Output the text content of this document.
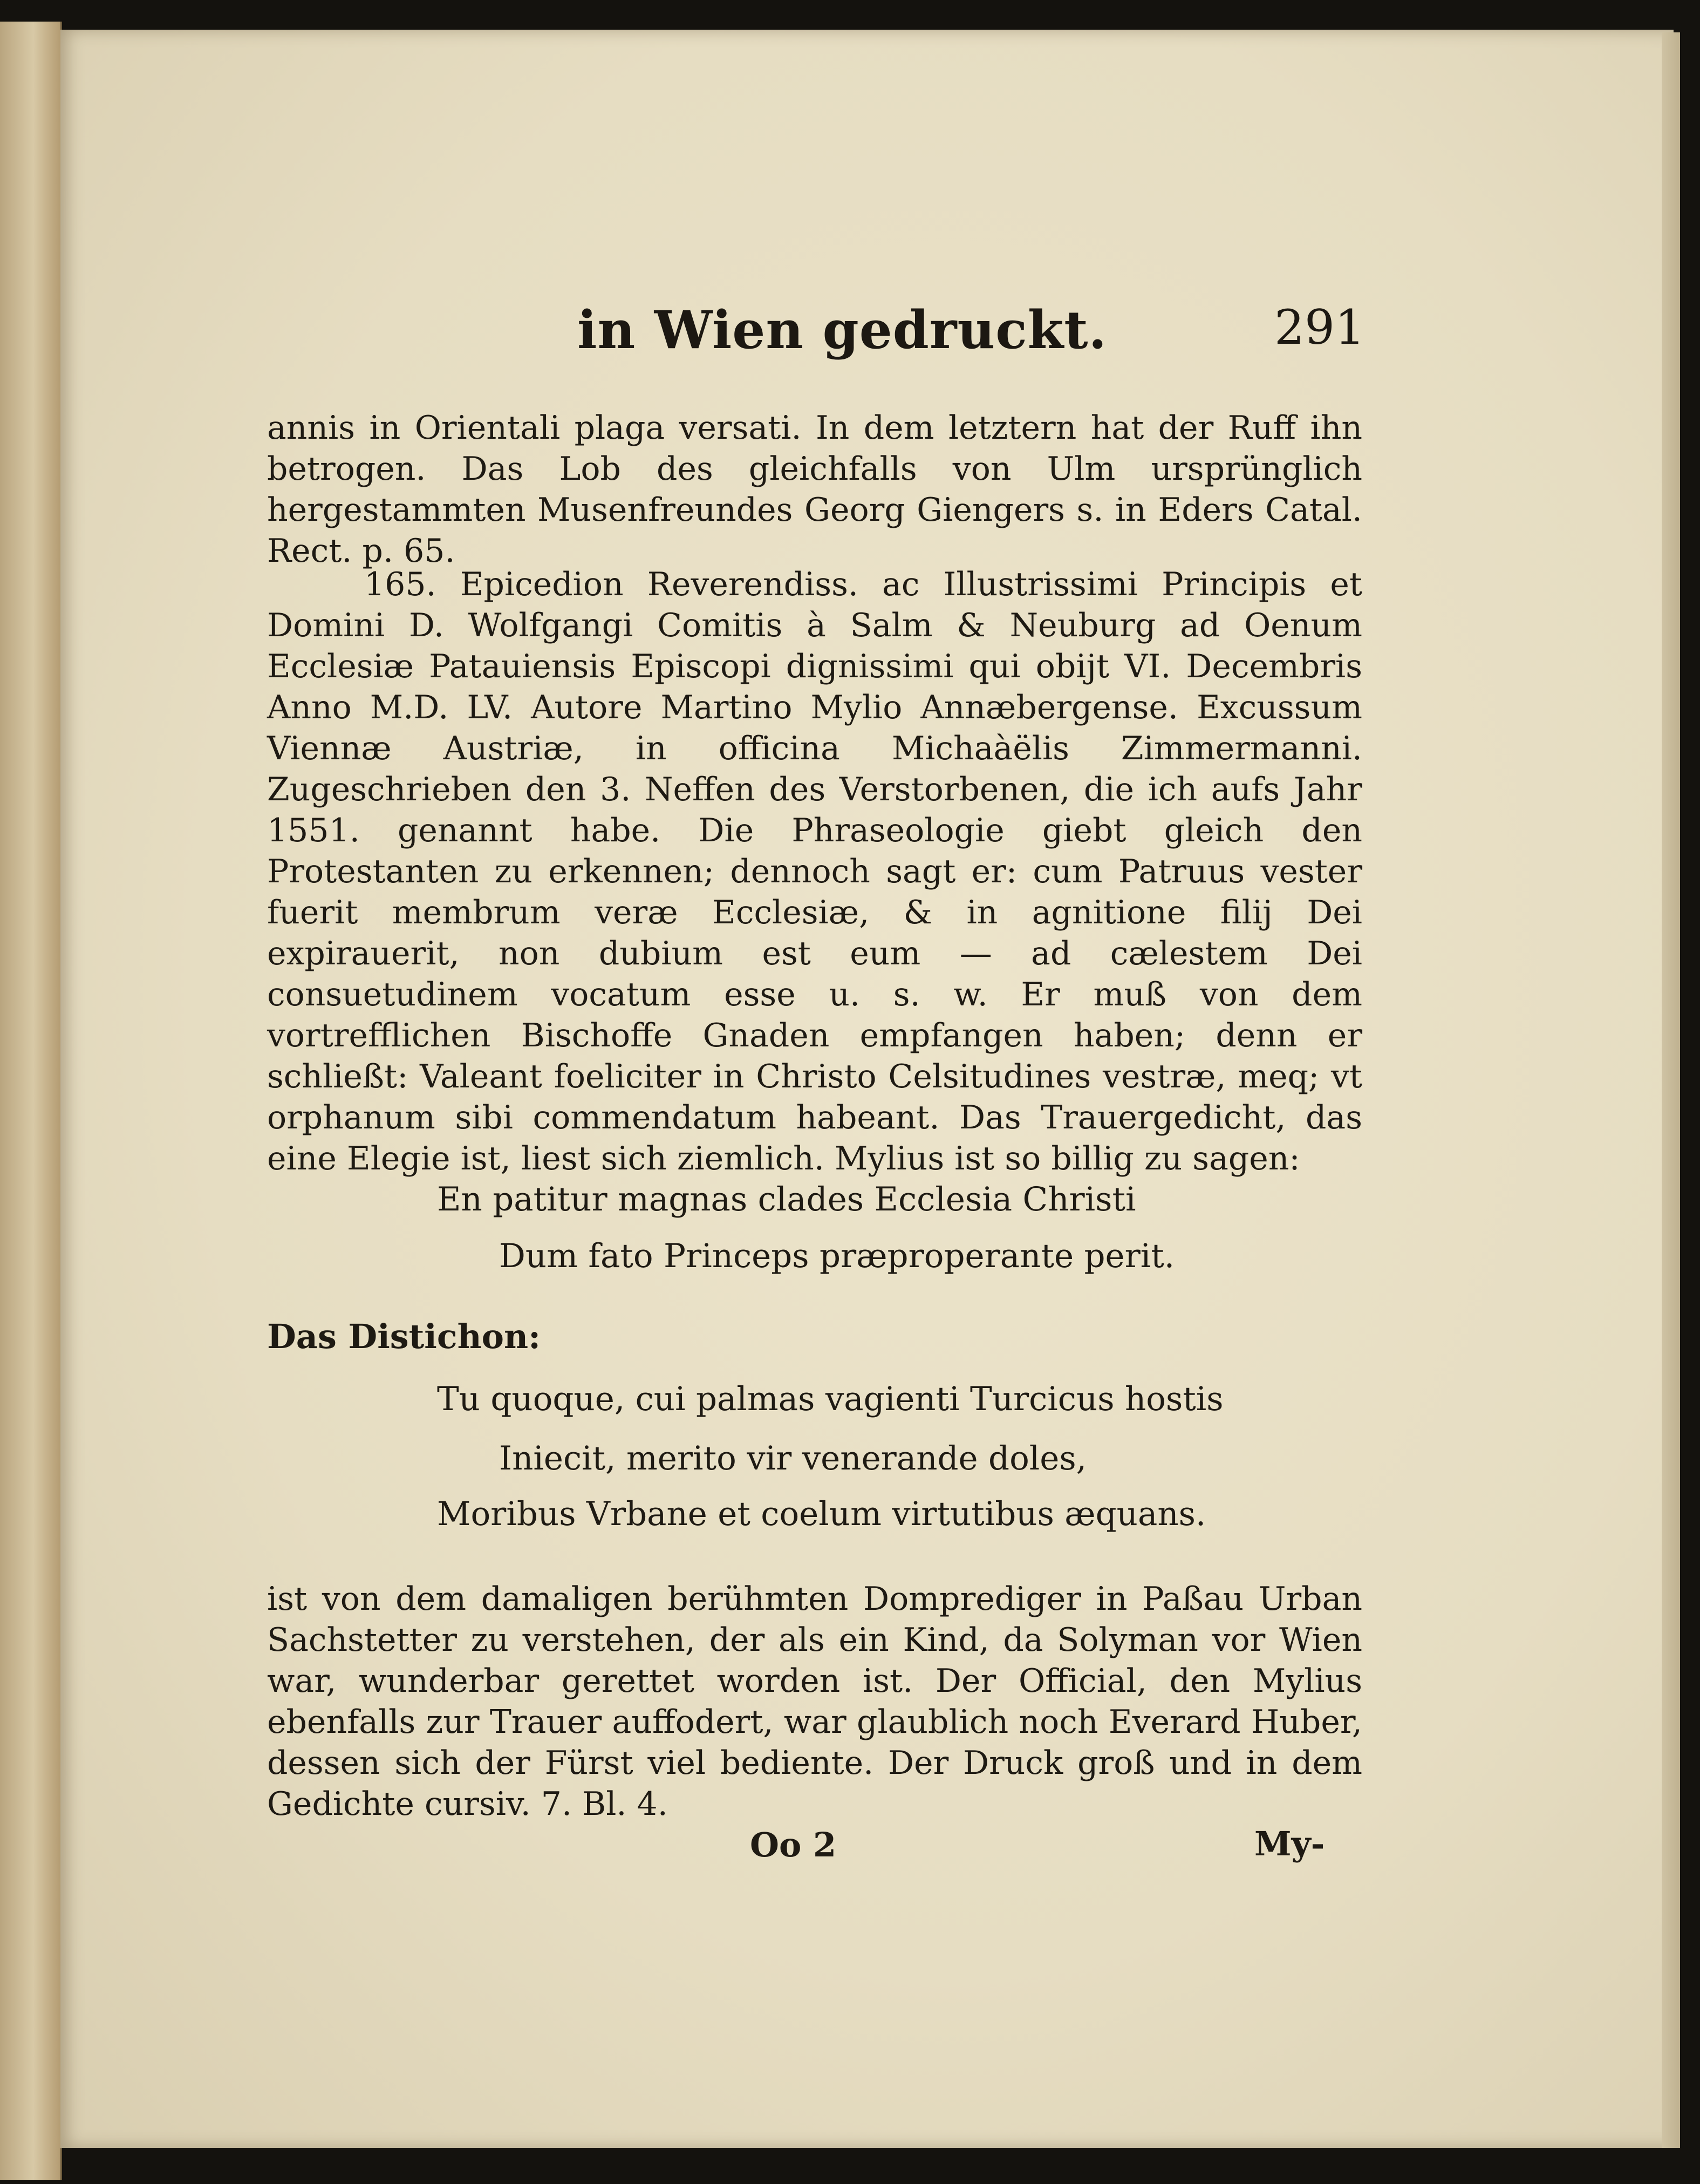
in Wien gedruckt.	291
annis in Orientali plaga versati. In dem letztern hat der Ruff ihn betrogen. Das Lob des gleichfalls von Ulm ursprünglich hergestammten Musenfreundes Georg Giengers s. in Eders Catal. Rect. p. 65.
165. Epicedion Reverendiss. ac Illustrissimi Principis et Domini D. Wolfgangi Comitis à Salm & Neuburg ad Oenum Ecclesiæ Patauiensis Episcopi dignissimi qui obijt VI. Decembris Anno M.D. LV. Autore Martino Mylio Annæbergense. Excussum Viennæ Austriæ, in officina Michaàëlis Zimmermanni. Zugeschrieben den 3. Neffen des Verstorbenen, die ich aufs Jahr 1551. genannt habe. Die Phraseologie giebt gleich den Protestanten zu erkennen; dennoch sagt er: cum Patruus vester fuerit membrum veræ Ecclesiæ, & in agnitione filij Dei expirauerit, non dubium est eum — ad cælestem Dei consuetudinem vocatum esse u. s. w. Er muß von dem vortrefflichen Bischoffe Gnaden empfangen haben; denn er schließt: Valeant foeliciter in Christo Celsitudines vestræ, meq; vt orphanum sibi commendatum habeant. Das Trauergedicht, das eine Elegie ist, liest sich ziemlich. Mylius ist so billig zu sagen:
En patitur magnas clades Ecclesia Christi
Dum fato Princeps præproperante perit.
Das Distichon:
Tu quoque, cui palmas vagienti Turcicus hostis
Iniecit, merito vir venerande doles,
Moribus Vrbane et coelum virtutibus æquans.
ist von dem damaligen berühmten Domprediger in Paßau Urban Sachstetter zu verstehen, der als ein Kind, da Solyman vor Wien war, wunderbar gerettet worden ist. Der Official, den Mylius ebenfalls zur Trauer auffodert, war glaublich noch Everard Huber, dessen sich der Fürst viel bediente. Der Druck groß und in dem Gedichte cursiv. 7. Bl. 4.
Oo 2	My-
